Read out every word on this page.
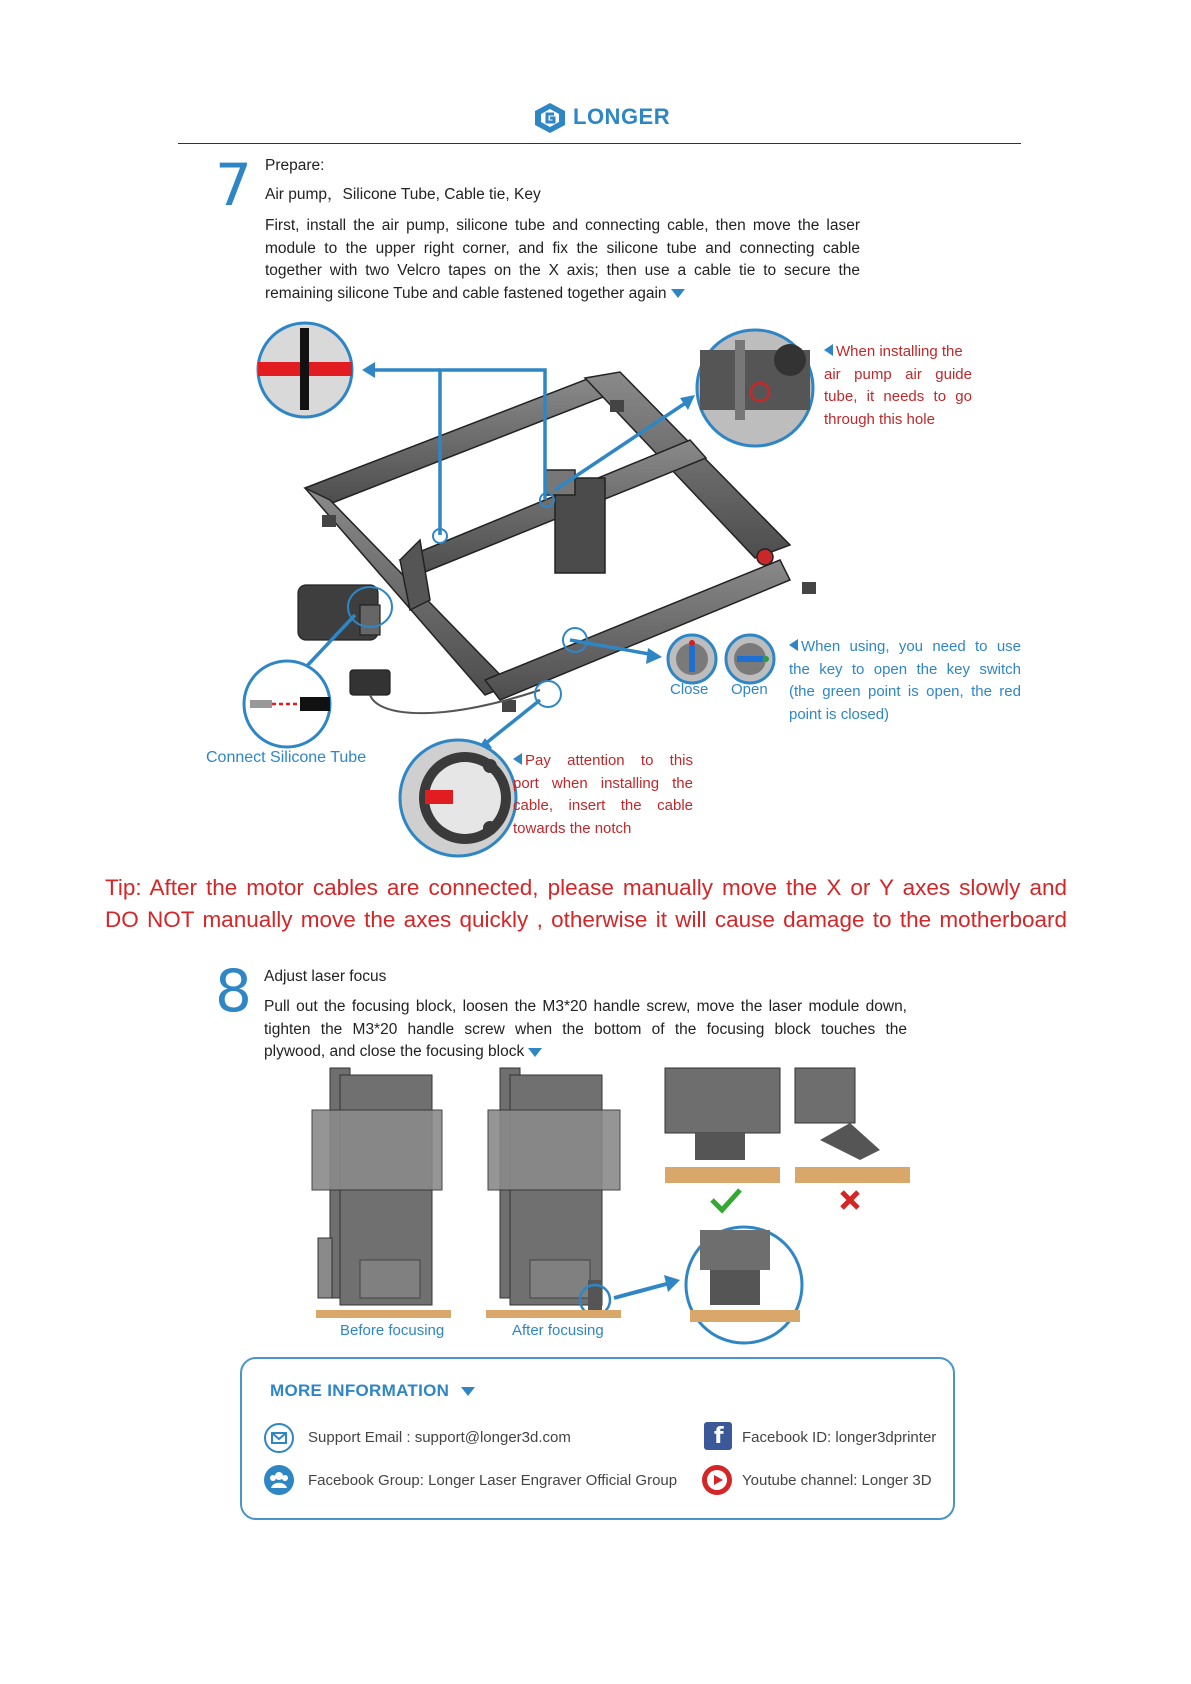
LONGER
7 Prepare:
Air pump，Silicone Tube, Cable tie, Key
First, install the air pump, silicone tube and connecting cable, then move the laser
module to the upper right corner, and fix the silicone tube and connecting cable
together with two Velcro tapes on the X axis; then use a cable tie to secure the
remaining silicone Tube and cable fastened together again
When installing the
air pump air guide
tube, it needs to go
through this hole
When using, you need to use
the key to open the key switch
(the green point is open, the red
point is closed)
Close Open
Connect Silicone Tube	Pay attention to this
port when installing the
cable, insert the cable
towards the notch
Tip: After the motor cables are connected, please manually move the X or Y axes slowly and
DO NOT manually move the axes quickly , otherwise it will cause damage to the motherboard
8 Adjust laser focus
Pull out the focusing block, loosen the M3*20 handle screw, move the laser module down,
tighten the M3*20 handle screw when the bottom of the focusing block touches the
plywood, and close the focusing block
Before focusing	After focusing
MORE INFORMATION
Support Email : support@longer3d.com	f Facebook ID: longer3dprinter
Facebook Group: Longer Laser Engraver Official Group	Youtube channel: Longer 3D
